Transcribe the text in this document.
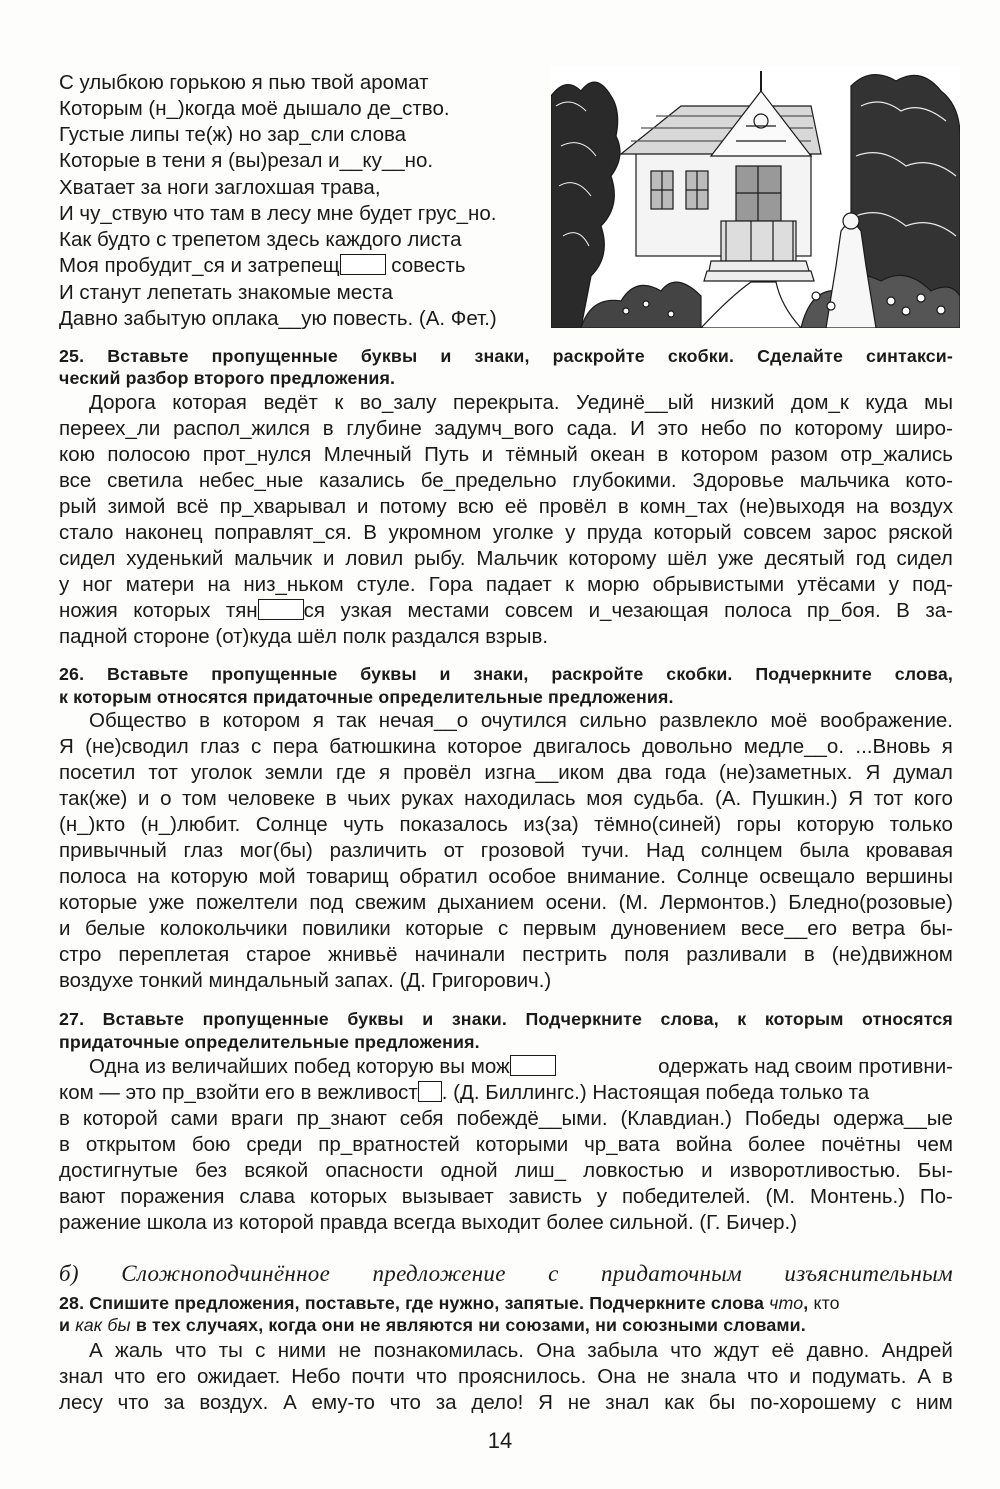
С улыбкою горькою я пью твой аромат
Которым (н_)когда моё дышало де_ство.
Густые липы те(ж) но зар_сли слова
Которые в тени я (вы)резал и__ку__но.
Хватает за ноги заглохшая трава,
И чу_ствую что там в лесу мне будет грус_но.
Как будто с трепетом здесь каждого листа
Моя пробудит_ся и затрепещ	совесть
И станут лепетать знакомые места
Давно забытую оплака__ую повесть. (А. Фет.)
25. Вставьте пропущенные буквы и знаки, раскройте скобки. Сделайте синтакси-
ческий разбор второго предложения.
Дорога которая ведёт к во_залу перекрыта. Уединё__ый низкий дом_к куда мы
переех_ли распол_жился в глубине задумч_вого сада. И это небо по которому широ-
кою полосою прот_нулся Млечный Путь и тёмный океан в котором разом отр_жались
все светила небес_ные казались бе_предельно глубокими. Здоровье мальчика кото-
рый зимой всё пр_хварывал и потому всю её провёл в комн_тах (не)выходя на воздух
стало наконец поправлят_ся. В укромном уголке у пруда который совсем зарос ряской
сидел худенький мальчик и ловил рыбу. Мальчик которому шёл уже десятый год сидел
у ног матери на низ_ньком стуле. Гора падает к морю обрывистыми утёсами у под-
ножия которых тян ся узкая местами совсем и_чезающая полоса пр_боя. В за-
падной стороне (от)куда шёл полк раздался взрыв.
26. Вставьте пропущенные буквы и знаки, раскройте скобки. Подчеркните слова,
к которым относятся придаточные определительные предложения.
Общество в котором я так нечая__о очутился сильно развлекло моё воображение.
Я (не)сводил глаз с пера батюшкина которое двигалось довольно медле__о. ...Вновь я
посетил тот уголок земли где я провёл изгна__иком два года (не)заметных. Я думал
так(же) и о том человеке в чьих руках находилась моя судьба. (А. Пушкин.) Я тот кого
(н_)кто (н_)любит. Солнце чуть показалось из(за) тёмно(синей) горы которую только
привычный глаз мог(бы) различить от грозовой тучи. Над солнцем была кровавая
полоса на которую мой товарищ обратил особое внимание. Солнце освещало вершины
которые уже пожелтели под свежим дыханием осени. (М. Лермонтов.) Бледно(розовые)
и белые колокольчики повилики которые с первым дуновением весе__его ветра бы-
стро переплетая старое жнивьё начинали пестрить поля разливали в (не)движном
воздухе тонкий миндальный запах. (Д. Григорович.)
27. Вставьте пропущенные буквы и знаки. Подчеркните слова, к которым относятся
придаточные определительные предложения.
Одна из величайших побед которую вы мож	одержать над своим противни-
ком — это пр_взойти его в вежливост . (Д. Биллингс.) Настоящая победа только та
в которой сами враги пр_знают себя побеждё__ыми. (Клавдиан.) Победы одержа__ые
в открытом бою среди пр_вратностей которыми чр_вата война более почётны чем
достигнутые без всякой опасности одной лиш_ ловкостью и изворотливостью. Бы-
вают поражения слава которых вызывает зависть у победителей. (М. Монтень.) По-
ражение школа из которой правда всегда выходит более сильной. (Г. Бичер.)
б) Сложноподчинённое предложение с придаточным изъяснительным
28. Спишите предложения, поставьте, где нужно, запятые. Подчеркните слова что, кто
и как бы в тех случаях, когда они не являются ни союзами, ни союзными словами.
А жаль что ты с ними не познакомилась. Она забыла что ждут её давно. Андрей
знал что его ожидает. Небо почти что прояснилось. Она не знала что и подумать. А в
лесу что за воздух. А ему-то что за дело! Я не знал как бы по-хорошему с ним
14
